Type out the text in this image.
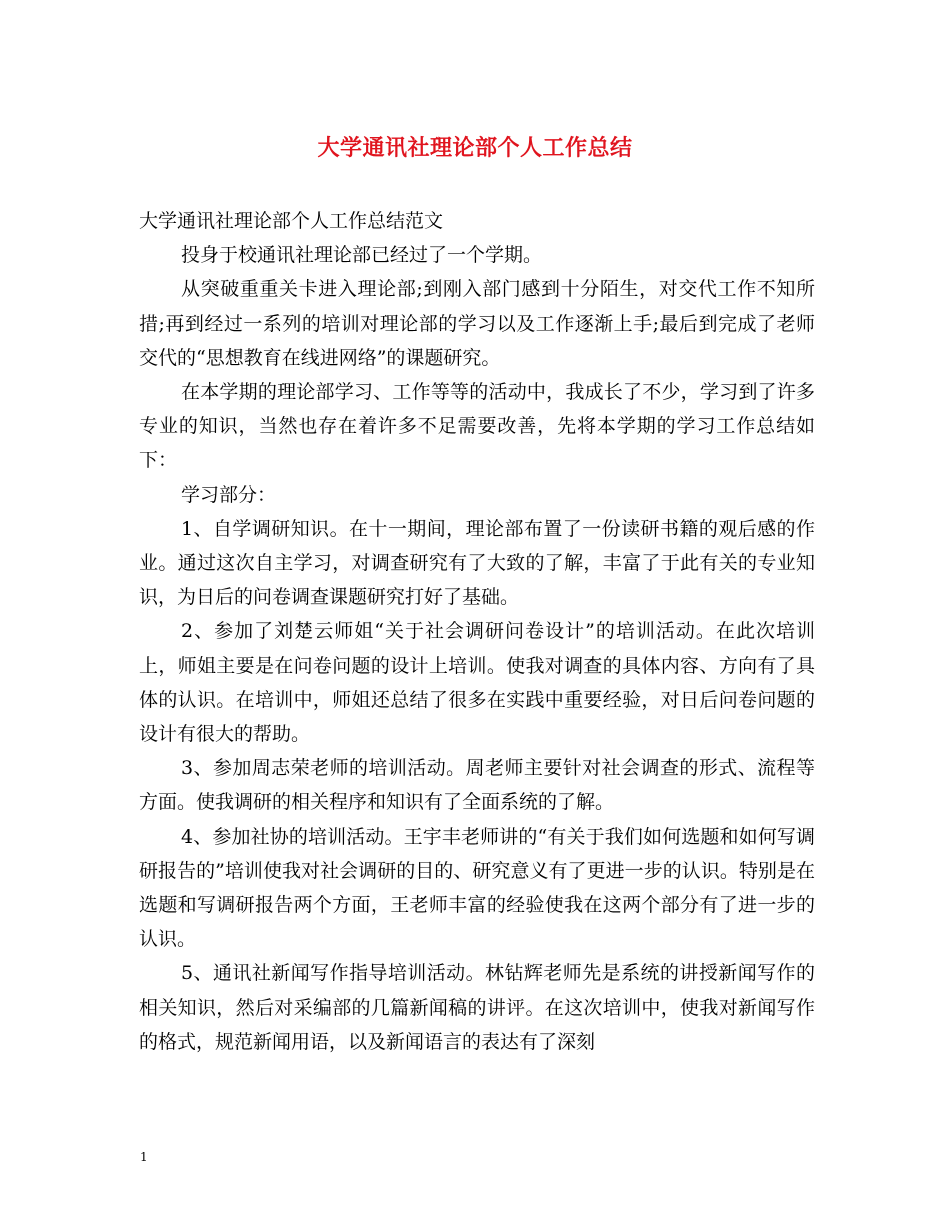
大学通讯社理论部个人工作总结

大学通讯社理论部个人工作总结范文

投身于校通讯社理论部已经过了一个学期。

从突破重重关卡进入理论部;到刚入部门感到十分陌生，对交代工作不知所措;再到经过一系列的培训对理论部的学习以及工作逐渐上手;最后到完成了老师交代的“思想教育在线进网络”的课题研究。

在本学期的理论部学习、工作等等的活动中，我成长了不少，学习到了许多专业的知识，当然也存在着许多不足需要改善，先将本学期的学习工作总结如下：

学习部分：

1、自学调研知识。在十一期间，理论部布置了一份读研书籍的观后感的作业。通过这次自主学习，对调查研究有了大致的了解，丰富了于此有关的专业知识，为日后的问卷调查课题研究打好了基础。

2、参加了刘楚云师姐“关于社会调研问卷设计”的培训活动。在此次培训上，师姐主要是在问卷问题的设计上培训。使我对调查的具体内容、方向有了具体的认识。在培训中，师姐还总结了很多在实践中重要经验，对日后问卷问题的设计有很大的帮助。

3、参加周志荣老师的培训活动。周老师主要针对社会调查的形式、流程等方面。使我调研的相关程序和知识有了全面系统的了解。

4、参加社协的培训活动。王宇丰老师讲的“有关于我们如何选题和如何写调研报告的”培训使我对社会调研的目的、研究意义有了更进一步的认识。特别是在选题和写调研报告两个方面，王老师丰富的经验使我在这两个部分有了进一步的认识。

5、通讯社新闻写作指导培训活动。林钻辉老师先是系统的讲授新闻写作的相关知识，然后对采编部的几篇新闻稿的讲评。在这次培训中，使我对新闻写作的格式，规范新闻用语，以及新闻语言的表达有了深刻

1
